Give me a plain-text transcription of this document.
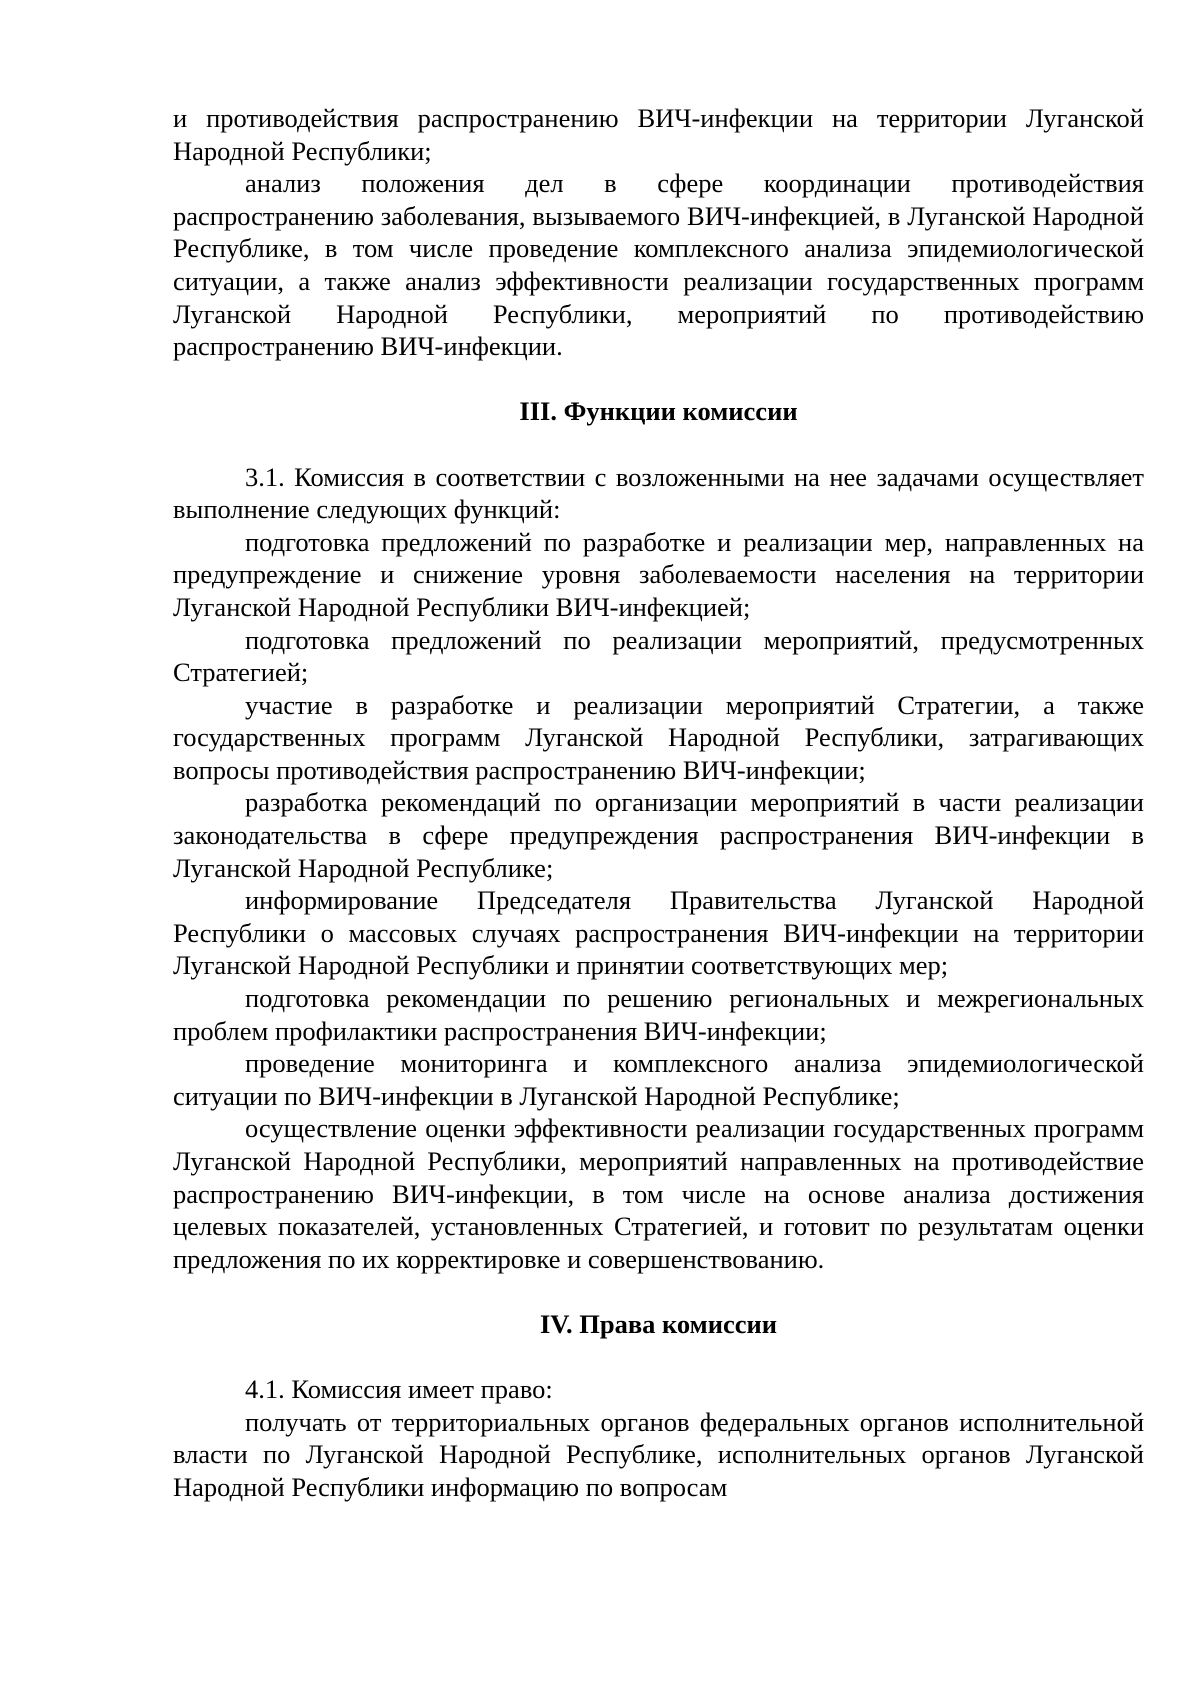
и противодействия распространению ВИЧ-инфекции на территории Луганской Народной Республики;

анализ положения дел в сфере координации противодействия распространению заболевания, вызываемого ВИЧ-инфекцией, в Луганской Народной Республике, в том числе проведение комплексного анализа эпидемиологической ситуации, а также анализ эффективности реализации государственных программ Луганской Народной Республики, мероприятий по противодействию распространению ВИЧ-инфекции.

III. Функции комиссии

3.1. Комиссия в соответствии с возложенными на нее задачами осуществляет выполнение следующих функций:

подготовка предложений по разработке и реализации мер, направленных на предупреждение и снижение уровня заболеваемости населения на территории Луганской Народной Республики ВИЧ-инфекцией;

подготовка предложений по реализации мероприятий, предусмотренных Стратегией;

участие в разработке и реализации мероприятий Стратегии, а также государственных программ Луганской Народной Республики, затрагивающих вопросы противодействия распространению ВИЧ-инфекции;

разработка рекомендаций по организации мероприятий в части реализации законодательства в сфере предупреждения распространения ВИЧ-инфекции в Луганской Народной Республике;

информирование Председателя Правительства Луганской Народной Республики о массовых случаях распространения ВИЧ-инфекции на территории Луганской Народной Республики и принятии соответствующих мер;

подготовка рекомендации по решению региональных и межрегиональных проблем профилактики распространения ВИЧ-инфекции;

проведение мониторинга и комплексного анализа эпидемиологической ситуации по ВИЧ-инфекции в Луганской Народной Республике;

осуществление оценки эффективности реализации государственных программ Луганской Народной Республики, мероприятий направленных на противодействие распространению ВИЧ-инфекции, в том числе на основе анализа достижения целевых показателей, установленных Стратегией, и готовит по результатам оценки предложения по их корректировке и совершенствованию.

IV. Права комиссии

4.1. Комиссия имеет право:

получать от территориальных органов федеральных органов исполнительной власти по Луганской Народной Республике, исполнительных органов Луганской Народной Республики информацию по вопросам
